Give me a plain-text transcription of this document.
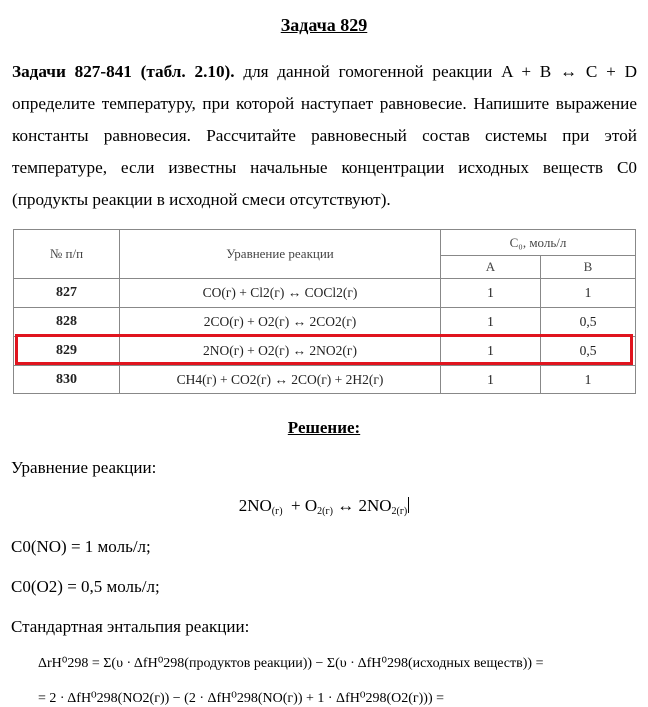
Задача 829
Задачи 827-841 (табл. 2.10). для данной гомогенной реакции A + B ↔ C + D определите температуру, при которой наступает равновесие. Напишите выражение константы равновесия. Рассчитайте равновесный состав системы при этой температуре, если известны начальные концентрации исходных веществ C0 (продукты реакции в исходной смеси отсутствуют).
№ п/п	Уравнение реакции	C₀, моль/л	
		A	B
827	CO(г) + Cl2(г) ↔ COCl2(г)	1	1
828	2CO(г) + O2(г) ↔ 2CO2(г)	1	0,5
829	2NO(г) + O2(г) ↔ 2NO2(г)	1	0,5
830	CH4(г) + CO2(г) ↔ 2CO(г) + 2H2(г)	1	1
Решение:
Уравнение реакции:
$2NO_{(г)} + O_{2(г)}$ ↔ $2NO_{2(г)}$
C0(NO) = 1 моль/л;
C0(O2) = 0,5 моль/л;
Стандартная энтальпия реакции:
ΔrH⁰298 = Σ(υ · ΔfH⁰298(продуктов реакции)) − Σ(υ · ΔfH⁰298(исходных веществ)) =
= 2 · ΔfH⁰298(NO2(г)) − (2 · ΔfH⁰298(NO(г)) + 1 · ΔfH⁰298(O2(г))) =
